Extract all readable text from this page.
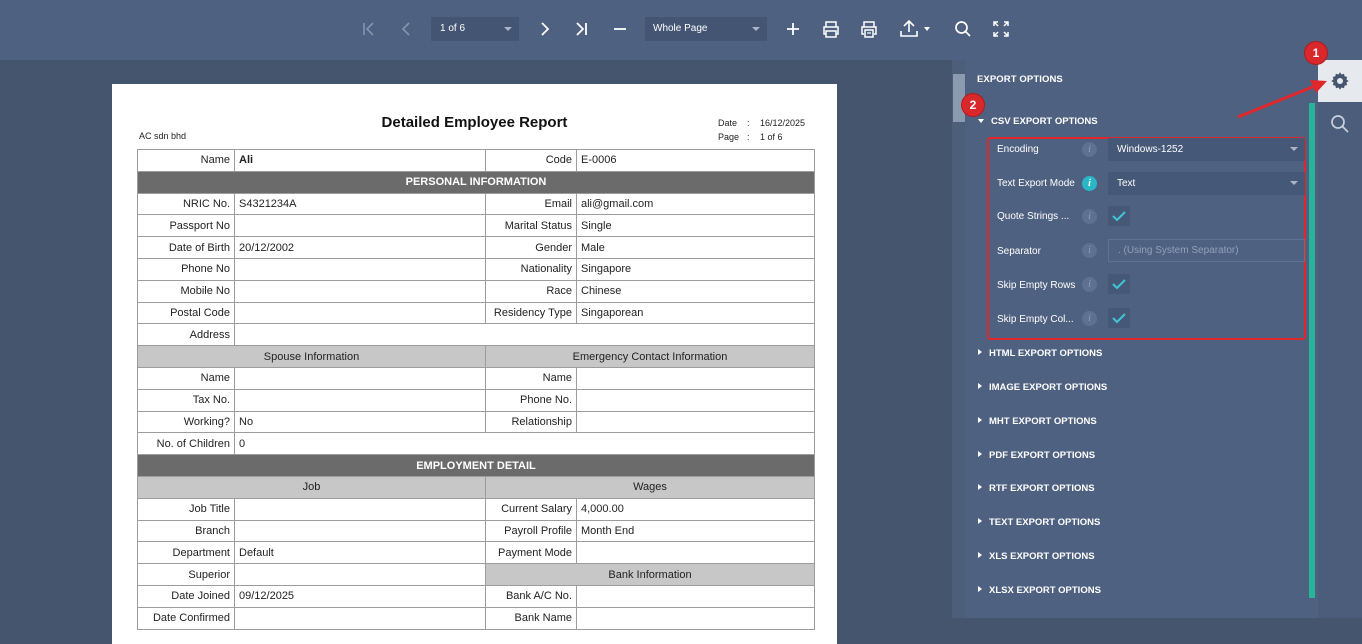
1 of 6	Whole Page
AC sdn bhd
Detailed Employee Report	Date : 16/12/2025
Page : 1 of 6
Name	Ali	Code	E-0006
PERSONAL INFORMATION			
NRIC No.	S4321234A	Email	ali@gmail.com
Passport No		Marital Status	Single
Date of Birth	20/12/2002	Gender	Male
Phone No		Nationality	Singapore
Mobile No		Race	Chinese
Postal Code		Residency Type	Singaporean
Address			
Spouse Information		Emergency Contact Information	
Name		Name	
Tax No.		Phone No.	
Working?	No	Relationship	
No. of Children	0		
EMPLOYMENT DETAIL			
Job		Wages	
Job Title		Current Salary	4,000.00
Branch		Payroll Profile	Month End
Department	Default	Payment Mode	
Superior		Bank Information	
Date Joined	09/12/2025	Bank A/C No.	
Date Confirmed		Bank Name	
EXPORT OPTIONS
CSV EXPORT OPTIONS
Encoding	i	Windows-1252
Text Export Mode	i	Text
Quote Strings ...	i
Separator	i	. (Using System Separator)
Skip Empty Rows	i
Skip Empty Col...	i
HTML EXPORT OPTIONS
IMAGE EXPORT OPTIONS
MHT EXPORT OPTIONS
PDF EXPORT OPTIONS
RTF EXPORT OPTIONS
TEXT EXPORT OPTIONS
XLS EXPORT OPTIONS
XLSX EXPORT OPTIONS
1
2
